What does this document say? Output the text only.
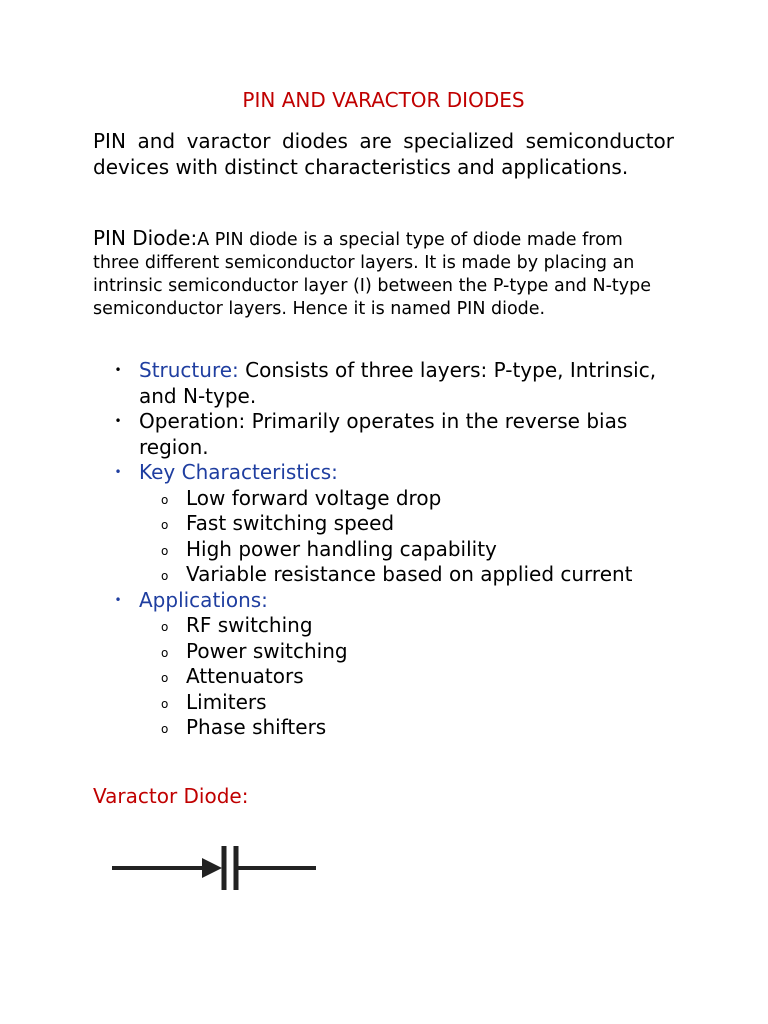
PIN AND VARACTOR DIODES

PIN and varactor diodes are specialized semiconductor devices with distinct characteristics and applications.

PIN Diode:A PIN diode is a special type of diode made from three different semiconductor layers. It is made by placing an intrinsic semiconductor layer (I) between the P-type and N-type semiconductor layers. Hence it is named PIN diode.

• Structure: Consists of three layers: P-type, Intrinsic, and N-type.
• Operation: Primarily operates in the reverse bias region.
• Key Characteristics:
o Low forward voltage drop
o Fast switching speed
o High power handling capability
o Variable resistance based on applied current
• Applications:
o RF switching
o Power switching
o Attenuators
o Limiters
o Phase shifters
Varactor Diode:
